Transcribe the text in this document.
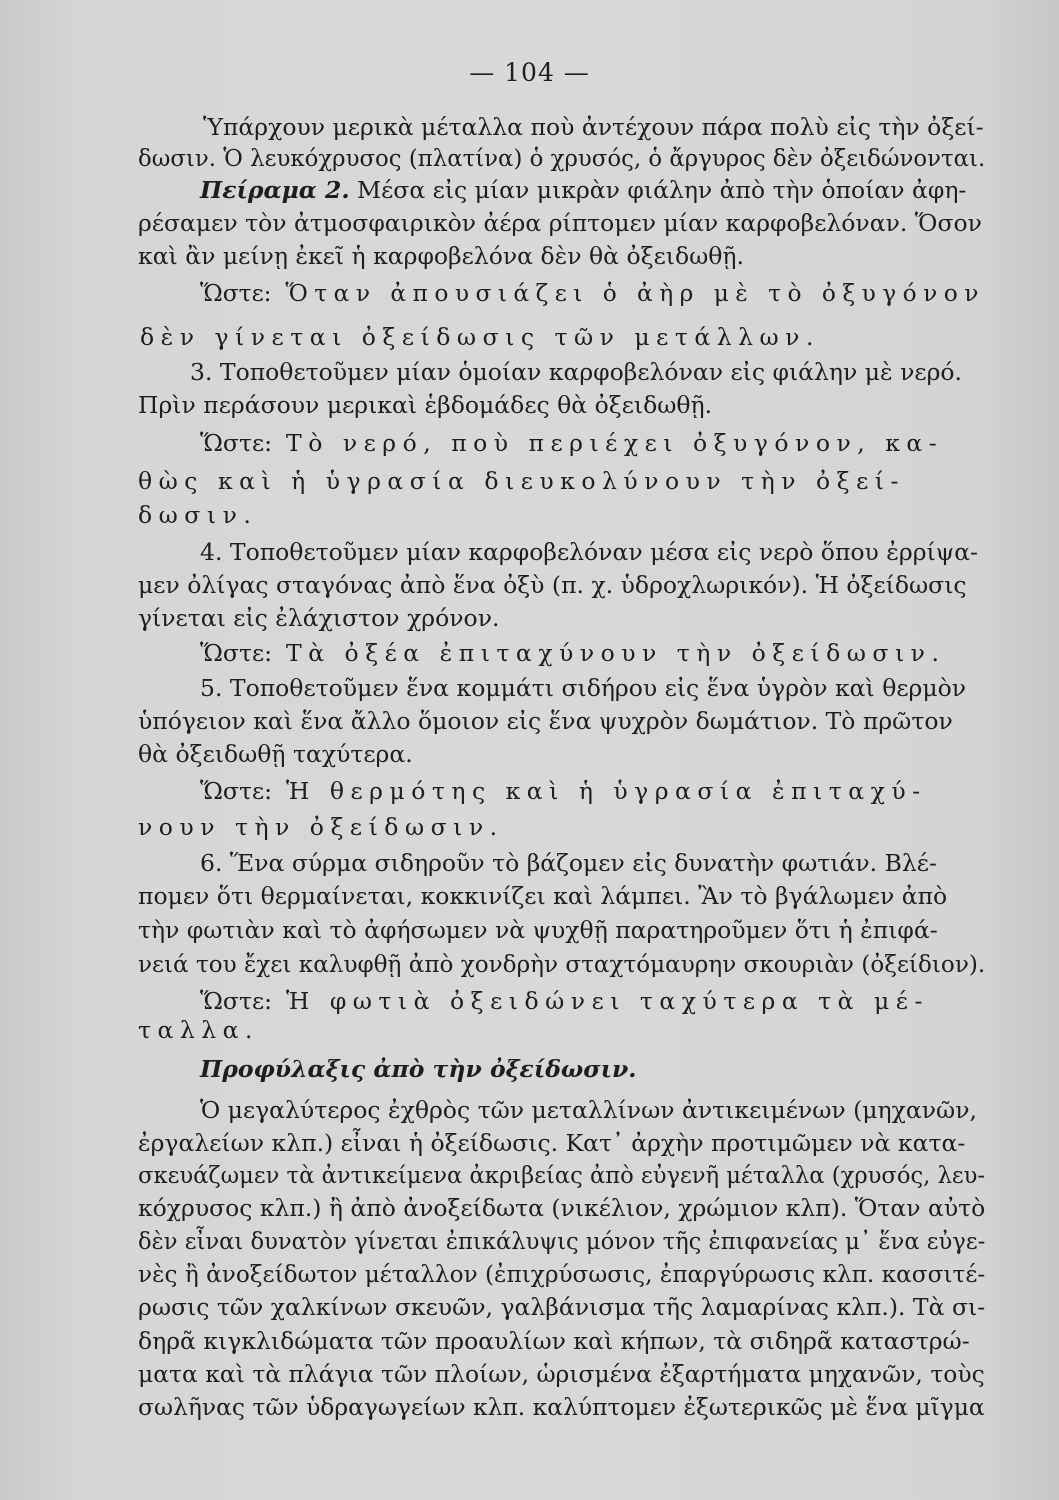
— 104 —
Ὑπάρχουν μερικὰ μέταλλα ποὺ ἀντέχουν πάρα πολὺ εἰς τὴν ὀξεί-
δωσιν. Ὁ λευκόχρυσος (πλατίνα) ὁ χρυσός, ὁ ἄργυρος δὲν ὀξειδώνονται.
Πείραμα 2. Μέσα εἰς μίαν μικρὰν φιάλην ἀπὸ τὴν ὁποίαν ἀφη-
ρέσαμεν τὸν ἀτμοσφαιρικὸν ἀέρα ρίπτομεν μίαν καρφοβελόναν. Ὅσον
καὶ ἂν μείνῃ ἐκεῖ ἡ καρφοβελόνα δὲν θὰ ὀξειδωθῇ.
Ὥστε: Ὅταν ἀπουσιάζει ὁ ἀὴρ μὲ τὸ ὀξυγόνον
δὲν γίνεται ὀξείδωσις τῶν μετάλλων.
3. Τοποθετοῦμεν μίαν ὁμοίαν καρφοβελόναν εἰς φιάλην μὲ νερό.
Πρὶν περάσουν μερικαὶ ἑβδομάδες θὰ ὀξειδωθῇ.
Ὥστε: Τὸ νερό, ποὺ περιέχει ὀξυγόνον, κα-
θὼς καὶ ἡ ὑγρασία διευκολύνουν τὴν ὀξεί-
δωσιν.
4. Τοποθετοῦμεν μίαν καρφοβελόναν μέσα εἰς νερὸ ὅπου ἐρρίψα-
μεν ὀλίγας σταγόνας ἀπὸ ἕνα ὀξὺ (π. χ. ὑδροχλωρικόν). Ἡ ὀξείδωσις
γίνεται εἰς ἐλάχιστον χρόνον.
Ὥστε: Τὰ ὀξέα ἐπιταχύνουν τὴν ὀξείδωσιν.
5. Τοποθετοῦμεν ἕνα κομμάτι σιδήρου εἰς ἕνα ὑγρὸν καὶ θερμὸν
ὑπόγειον καὶ ἕνα ἄλλο ὅμοιον εἰς ἕνα ψυχρὸν δωμάτιον. Τὸ πρῶτον
θὰ ὀξειδωθῇ ταχύτερα.
Ὥστε: Ἡ θερμότης καὶ ἡ ὑγρασία ἐπιταχύ-
νουν τὴν ὀξείδωσιν.
6. Ἕνα σύρμα σιδηροῦν τὸ βάζομεν εἰς δυνατὴν φωτιάν. Βλέ-
πομεν ὅτι θερμαίνεται, κοκκινίζει καὶ λάμπει. Ἂν τὸ βγάλωμεν ἀπὸ
τὴν φωτιὰν καὶ τὸ ἀφήσωμεν νὰ ψυχθῇ παρατηροῦμεν ὅτι ἡ ἐπιφά-
νειά του ἔχει καλυφθῇ ἀπὸ χονδρὴν σταχτόμαυρην σκουριὰν (ὀξείδιον).
Ὥστε: Ἡ φωτιὰ ὀξειδώνει ταχύτερα τὰ μέ-
ταλλα.
Προφύλαξις ἀπὸ τὴν ὀξείδωσιν.
Ὁ μεγαλύτερος ἐχθρὸς τῶν μεταλλίνων ἀντικειμένων (μηχανῶν,
ἐργαλείων κλπ.) εἶναι ἡ ὀξείδωσις. Κατ᾽ ἀρχὴν προτιμῶμεν νὰ κατα-
σκευάζωμεν τὰ ἀντικείμενα ἀκριβείας ἀπὸ εὐγενῆ μέταλλα (χρυσός, λευ-
κόχρυσος κλπ.) ἢ ἀπὸ ἀνοξείδωτα (νικέλιον, χρώμιον κλπ). Ὅταν αὐτὸ
δὲν εἶναι δυνατὸν γίνεται ἐπικάλυψις μόνον τῆς ἐπιφανείας μ᾽ ἕνα εὐγε-
νὲς ἢ ἀνοξείδωτον μέταλλον (ἐπιχρύσωσις, ἐπαργύρωσις κλπ. κασσιτέ-
ρωσις τῶν χαλκίνων σκευῶν, γαλβάνισμα τῆς λαμαρίνας κλπ.). Τὰ σι-
δηρᾶ κιγκλιδώματα τῶν προαυλίων καὶ κήπων, τὰ σιδηρᾶ καταστρώ-
ματα καὶ τὰ πλάγια τῶν πλοίων, ὡρισμένα ἐξαρτήματα μηχανῶν, τοὺς
σωλῆνας τῶν ὑδραγωγείων κλπ. καλύπτομεν ἐξωτερικῶς μὲ ἕνα μῖγμα
